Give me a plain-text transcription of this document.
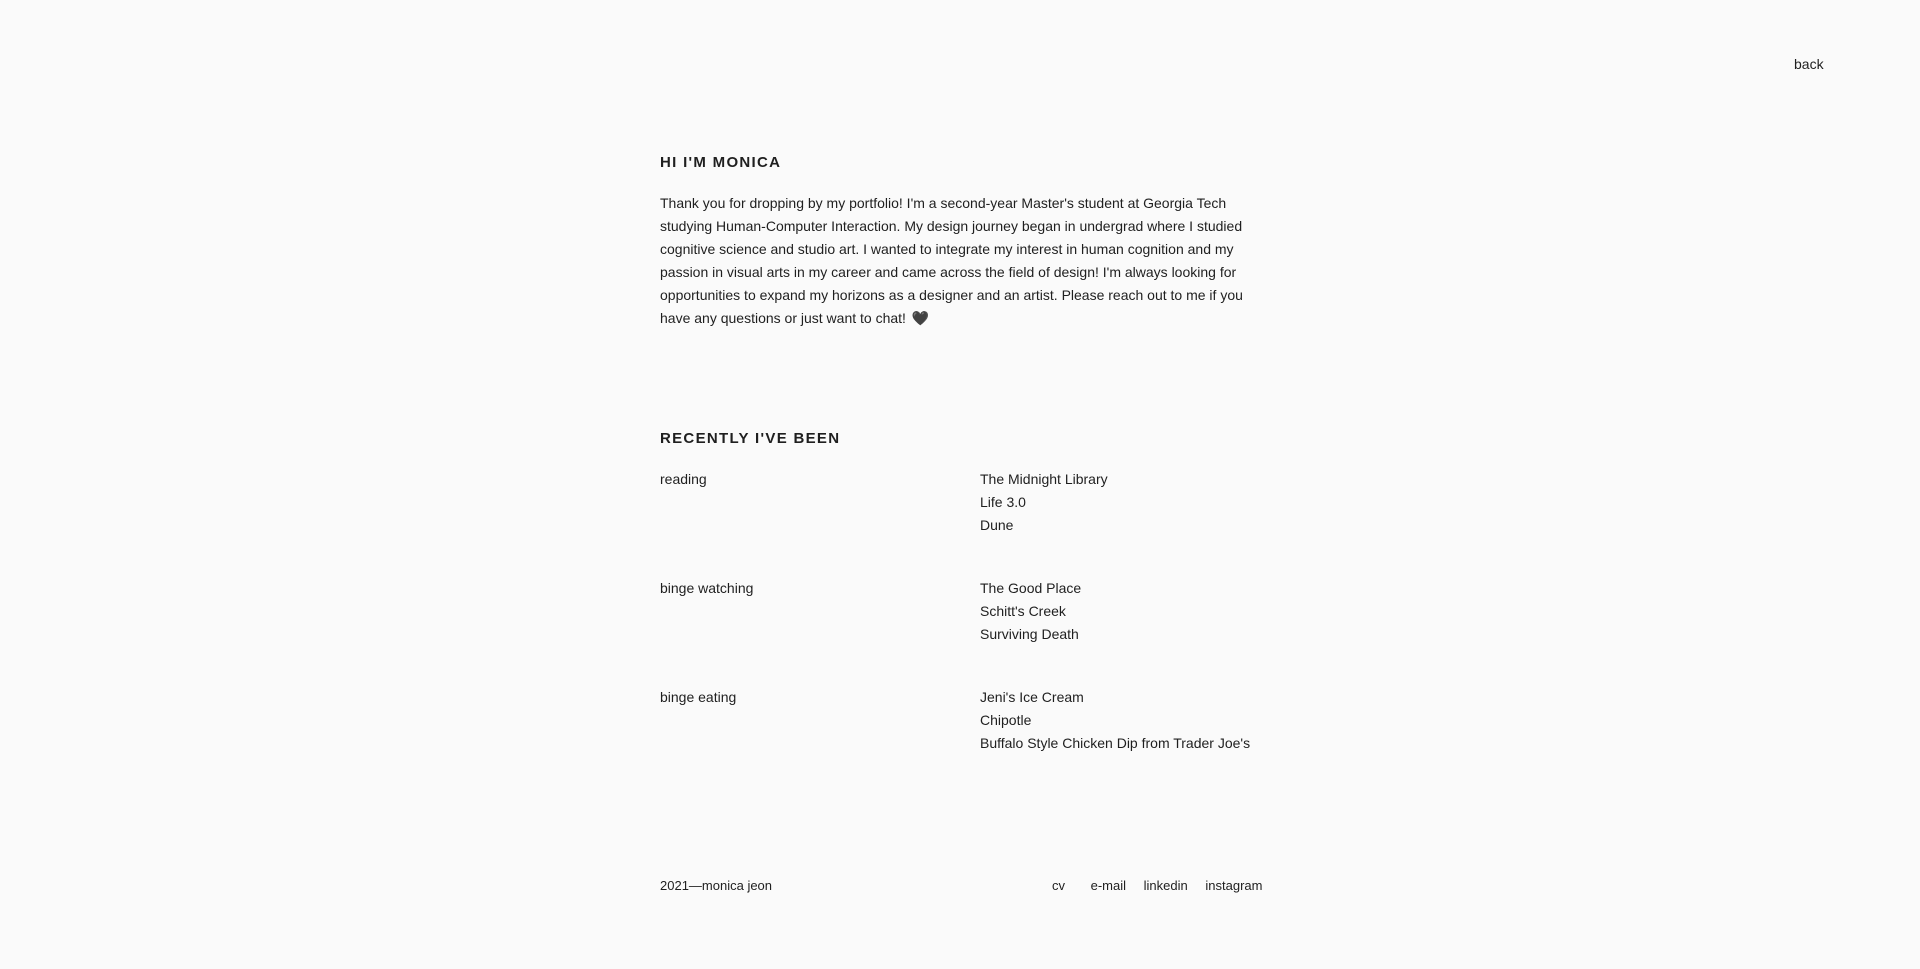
back
HI I'M MONICA

Thank you for dropping by my portfolio! I'm a second-year Master's student at Georgia Tech studying Human-Computer Interaction. My design journey began in undergrad where I studied cognitive science and studio art. I wanted to integrate my interest in human cognition and my passion in visual arts in my career and came across the field of design! I'm always looking for opportunities to expand my horizons as a designer and an artist. Please reach out to me if you have any questions or just want to chat! 🖤

RECENTLY I'VE BEEN
reading	The Midnight Library
Life 3.0
Dune
binge watching	The Good Place
Schitt's Creek
Surviving Death
binge eating	Jeni's Ice Cream
Chipotle
Buffalo Style Chicken Dip from Trader Joe's
2021—monica jeon	cv e-mail linkedin instagram
